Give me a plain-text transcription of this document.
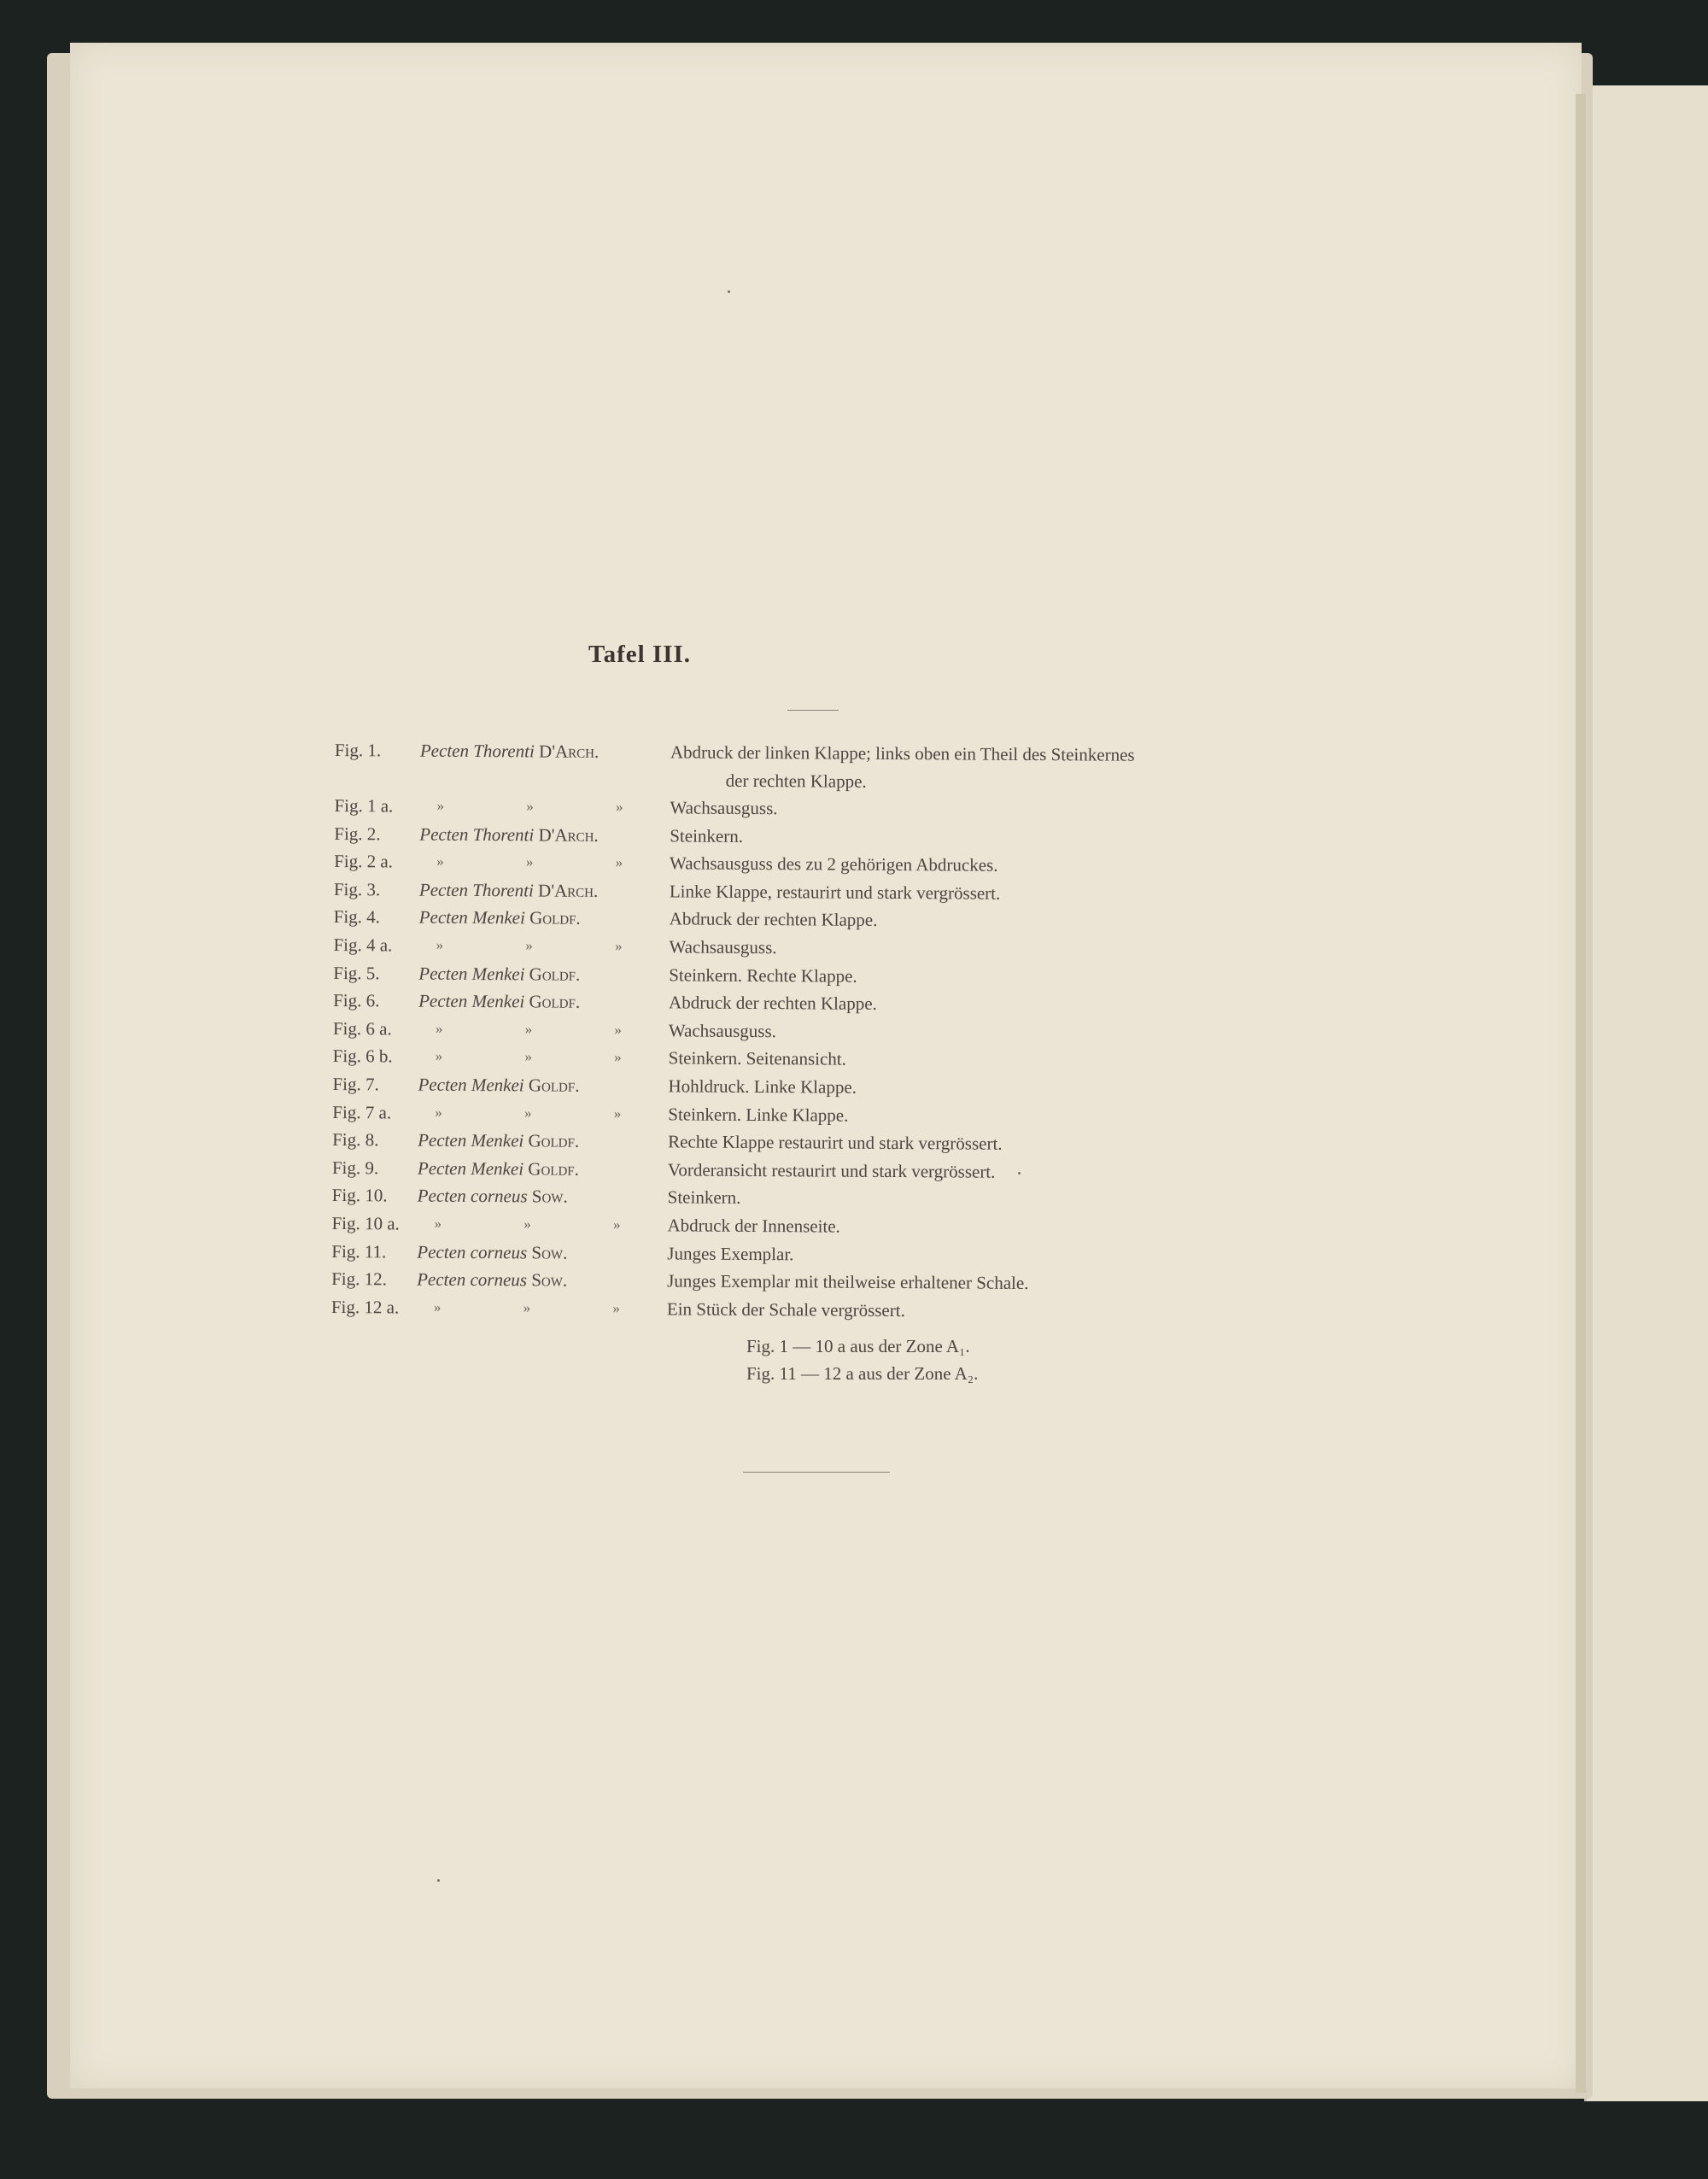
Tafel III.
Fig. 1.	Pecten Thorenti D'Arch.	Abdruck der linken Klappe; links oben ein Theil des Steinkernes
der rechten Klappe.
Fig. 1 a.	» » » Wachsausguss.
Fig. 2.	Pecten Thorenti D'Arch.	Steinkern.
Fig. 2 a.	» » » Wachsausguss des zu 2 gehörigen Abdruckes.
Fig. 3.	Pecten Thorenti D'Arch.	Linke Klappe, restaurirt und stark vergrössert.
Fig. 4.	Pecten Menkei Goldf.	Abdruck der rechten Klappe.
Fig. 4 a.	» » » Wachsausguss.
Fig. 5.	Pecten Menkei Goldf.	Steinkern. Rechte Klappe.
Fig. 6.	Pecten Menkei Goldf.	Abdruck der rechten Klappe.
Fig. 6 a.	» » » Wachsausguss.
Fig. 6 b.	» » » Steinkern. Seitenansicht.
Fig. 7.	Pecten Menkei Goldf.	Hohldruck. Linke Klappe.
Fig. 7 a.	» » » Steinkern. Linke Klappe.
Fig. 8.	Pecten Menkei Goldf.	Rechte Klappe restaurirt und stark vergrössert.
Fig. 9.	Pecten Menkei Goldf.	Vorderansicht restaurirt und stark vergrössert.
Fig. 10.	Pecten corneus Sow.	Steinkern.
Fig. 10 a.	» » » Abdruck der Innenseite.
Fig. 11.	Pecten corneus Sow.	Junges Exemplar.
Fig. 12.	Pecten corneus Sow.	Junges Exemplar mit theilweise erhaltener Schale.
Fig. 12 a.	» » » Ein Stück der Schale vergrössert.
Fig. 1 — 10 a aus der Zone A₁.
Fig. 11 — 12 a aus der Zone A₂.
